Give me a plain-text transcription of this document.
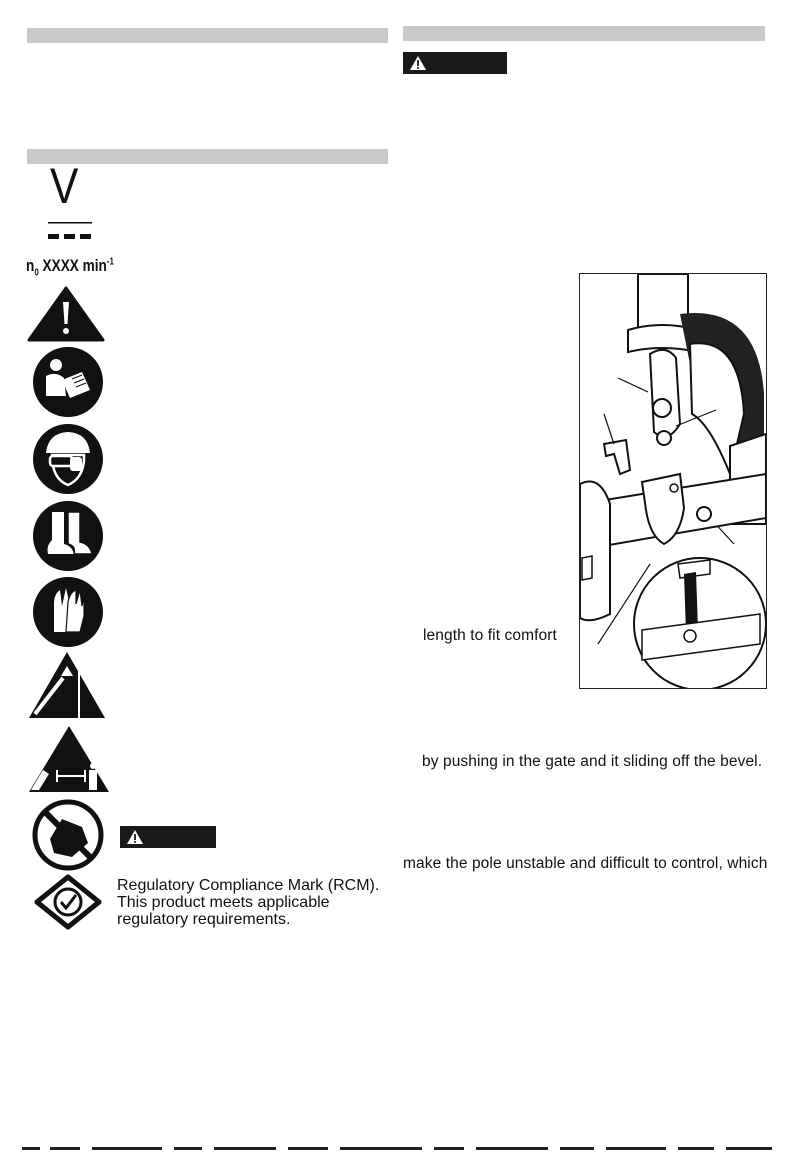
V
$n_0$ XXXX $\min^{-1}$
Regulatory Compliance Mark (RCM).
This product meets applicable
regulatory requirements.
length to fit comfort
by pushing in the gate and it sliding off the bevel.
make the pole unstable and difficult to control, which
